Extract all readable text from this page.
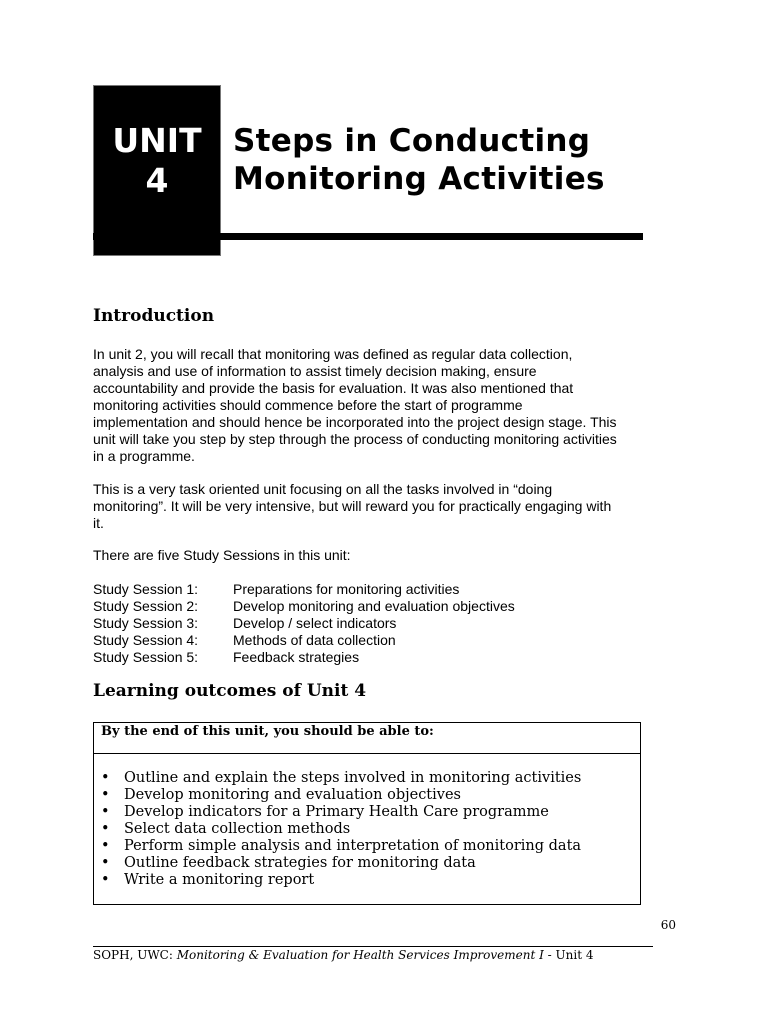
UNIT
4
Steps in Conducting
Monitoring Activities
Introduction
In unit 2, you will recall that monitoring was defined as regular data collection,
analysis and use of information to assist timely decision making, ensure
accountability and provide the basis for evaluation. It was also mentioned that
monitoring activities should commence before the start of programme
implementation and should hence be incorporated into the project design stage. This
unit will take you step by step through the process of conducting monitoring activities
in a programme.
This is a very task oriented unit focusing on all the tasks involved in “doing
monitoring”. It will be very intensive, but will reward you for practically engaging with
it.
There are five Study Sessions in this unit:
Study Session 1:	Preparations for monitoring activities
Study Session 2:	Develop monitoring and evaluation objectives
Study Session 3:	Develop / select indicators
Study Session 4:	Methods of data collection
Study Session 5:	Feedback strategies
Learning outcomes of Unit 4
By the end of this unit, you should be able to:
• Outline and explain the steps involved in monitoring activities
• Develop monitoring and evaluation objectives
• Develop indicators for a Primary Health Care programme
• Select data collection methods
• Perform simple analysis and interpretation of monitoring data
• Outline feedback strategies for monitoring data
• Write a monitoring report
60
SOPH, UWC: Monitoring & Evaluation for Health Services Improvement I - Unit 4
